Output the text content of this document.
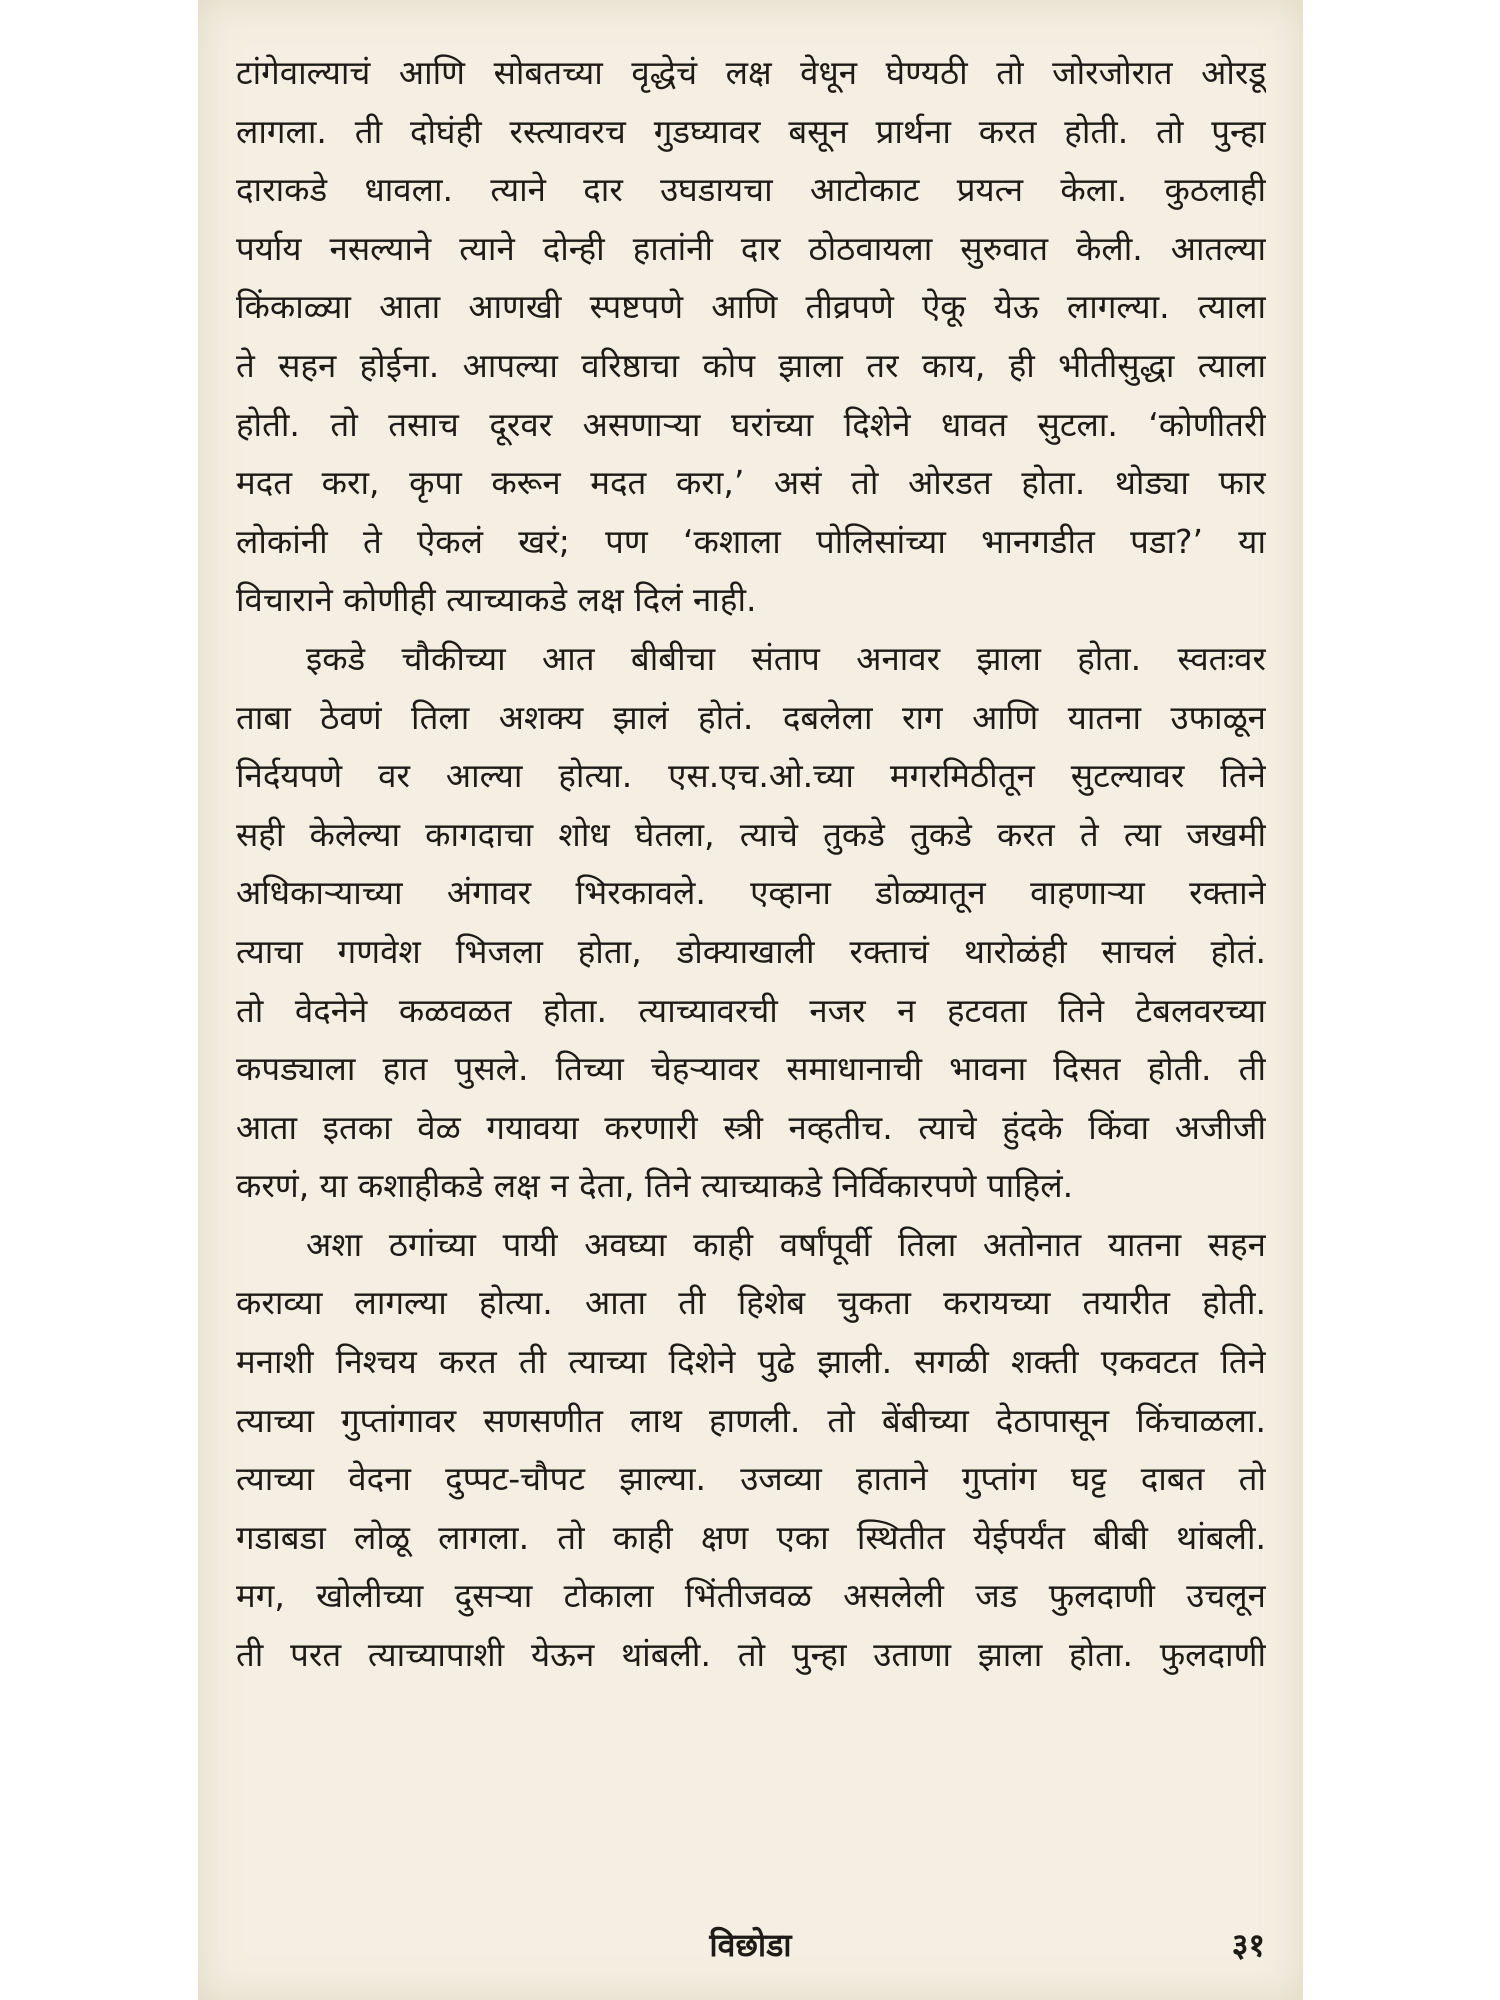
टांगेवाल्याचं आणि सोबतच्या वृद्धेचं लक्ष वेधून घेण्यठी तो जोरजोरात ओरडू
लागला. ती दोघंही रस्त्यावरच गुडघ्यावर बसून प्रार्थना करत होती. तो पुन्हा
दाराकडे धावला. त्याने दार उघडायचा आटोकाट प्रयत्न केला. कुठलाही
पर्याय नसल्याने त्याने दोन्ही हातांनी दार ठोठवायला सुरुवात केली. आतल्या
किंकाळ्या आता आणखी स्पष्टपणे आणि तीव्रपणे ऐकू येऊ लागल्या. त्याला
ते सहन होईना. आपल्या वरिष्ठाचा कोप झाला तर काय, ही भीतीसुद्धा त्याला
होती. तो तसाच दूरवर असणाऱ्या घरांच्या दिशेने धावत सुटला. ‘कोणीतरी
मदत करा, कृपा करून मदत करा,’ असं तो ओरडत होता. थोड्या फार
लोकांनी ते ऐकलं खरं; पण ‘कशाला पोलिसांच्या भानगडीत पडा?’ या
विचाराने कोणीही त्याच्याकडे लक्ष दिलं नाही.
इकडे चौकीच्या आत बीबीचा संताप अनावर झाला होता. स्वतःवर
ताबा ठेवणं तिला अशक्य झालं होतं. दबलेला राग आणि यातना उफाळून
निर्दयपणे वर आल्या होत्या. एस.एच.ओ.च्या मगरमिठीतून सुटल्यावर तिने
सही केलेल्या कागदाचा शोध घेतला, त्याचे तुकडे तुकडे करत ते त्या जखमी
अधिकाऱ्याच्या अंगावर भिरकावले. एव्हाना डोळ्यातून वाहणाऱ्या रक्ताने
त्याचा गणवेश भिजला होता, डोक्याखाली रक्ताचं थारोळंही साचलं होतं.
तो वेदनेने कळवळत होता. त्याच्यावरची नजर न हटवता तिने टेबलवरच्या
कपड्याला हात पुसले. तिच्या चेहऱ्यावर समाधानाची भावना दिसत होती. ती
आता इतका वेळ गयावया करणारी स्त्री नव्हतीच. त्याचे हुंदके किंवा अजीजी
करणं, या कशाहीकडे लक्ष न देता, तिने त्याच्याकडे निर्विकारपणे पाहिलं.
अशा ठगांच्या पायी अवघ्या काही वर्षांपूर्वी तिला अतोनात यातना सहन
कराव्या लागल्या होत्या. आता ती हिशेब चुकता करायच्या तयारीत होती.
मनाशी निश्चय करत ती त्याच्या दिशेने पुढे झाली. सगळी शक्ती एकवटत तिने
त्याच्या गुप्तांगावर सणसणीत लाथ हाणली. तो बेंबीच्या देठापासून किंचाळला.
त्याच्या वेदना दुप्पट-चौपट झाल्या. उजव्या हाताने गुप्तांग घट्ट दाबत तो
गडाबडा लोळू लागला. तो काही क्षण एका स्थितीत येईपर्यंत बीबी थांबली.
मग, खोलीच्या दुसऱ्या टोकाला भिंतीजवळ असलेली जड फुलदाणी उचलून
ती परत त्याच्यापाशी येऊन थांबली. तो पुन्हा उताणा झाला होता. फुलदाणी
विछोडा	३१
